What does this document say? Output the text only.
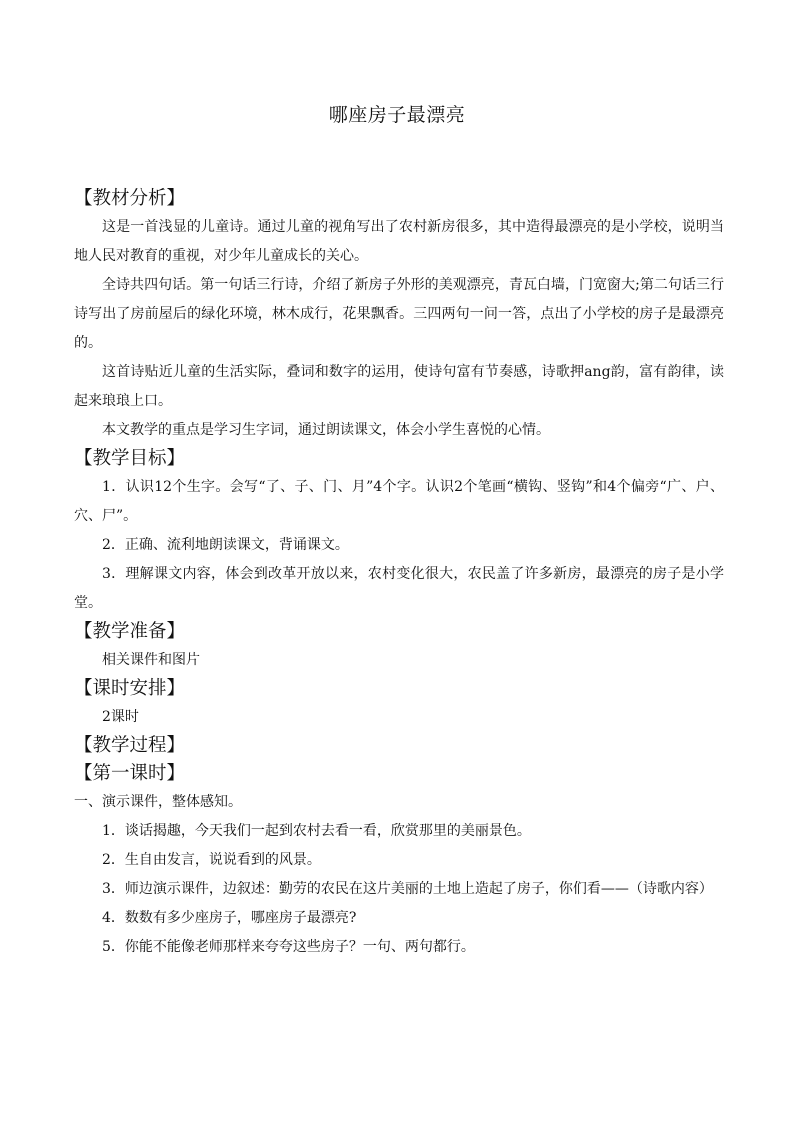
哪座房子最漂亮
【教材分析】

这是一首浅显的儿童诗。通过儿童的视角写出了农村新房很多，其中造得最漂亮的是小学校，说明当地人民对教育的重视，对少年儿童成长的关心。

全诗共四句话。第一句话三行诗，介绍了新房子外形的美观漂亮，青瓦白墙，门宽窗大;第二句话三行诗写出了房前屋后的绿化环境，林木成行，花果飘香。三四两句一问一答，点出了小学校的房子是最漂亮的。

这首诗贴近儿童的生活实际，叠词和数字的运用，使诗句富有节奏感，诗歌押ang韵，富有韵律，读起来琅琅上口。

本文教学的重点是学习生字词，通过朗读课文，体会小学生喜悦的心情。

【教学目标】

1．认识12个生字。会写“了、子、门、月”4个字。认识2个笔画“横钩、竖钩”和4个偏旁“广、户、穴、尸”。

2．正确、流利地朗读课文，背诵课文。

3．理解课文内容，体会到改革开放以来，农村变化很大，农民盖了许多新房，最漂亮的房子是小学堂。

【教学准备】

相关课件和图片

【课时安排】

2课时

【教学过程】
【第一课时】

一、演示课件，整体感知。

1．谈话揭趣，今天我们一起到农村去看一看，欣赏那里的美丽景色。

2．生自由发言，说说看到的风景。

3．师边演示课件，边叙述：勤劳的农民在这片美丽的土地上造起了房子，你们看——（诗歌内容）

4．数数有多少座房子，哪座房子最漂亮?

5．你能不能像老师那样来夸夸这些房子？一句、两句都行。
